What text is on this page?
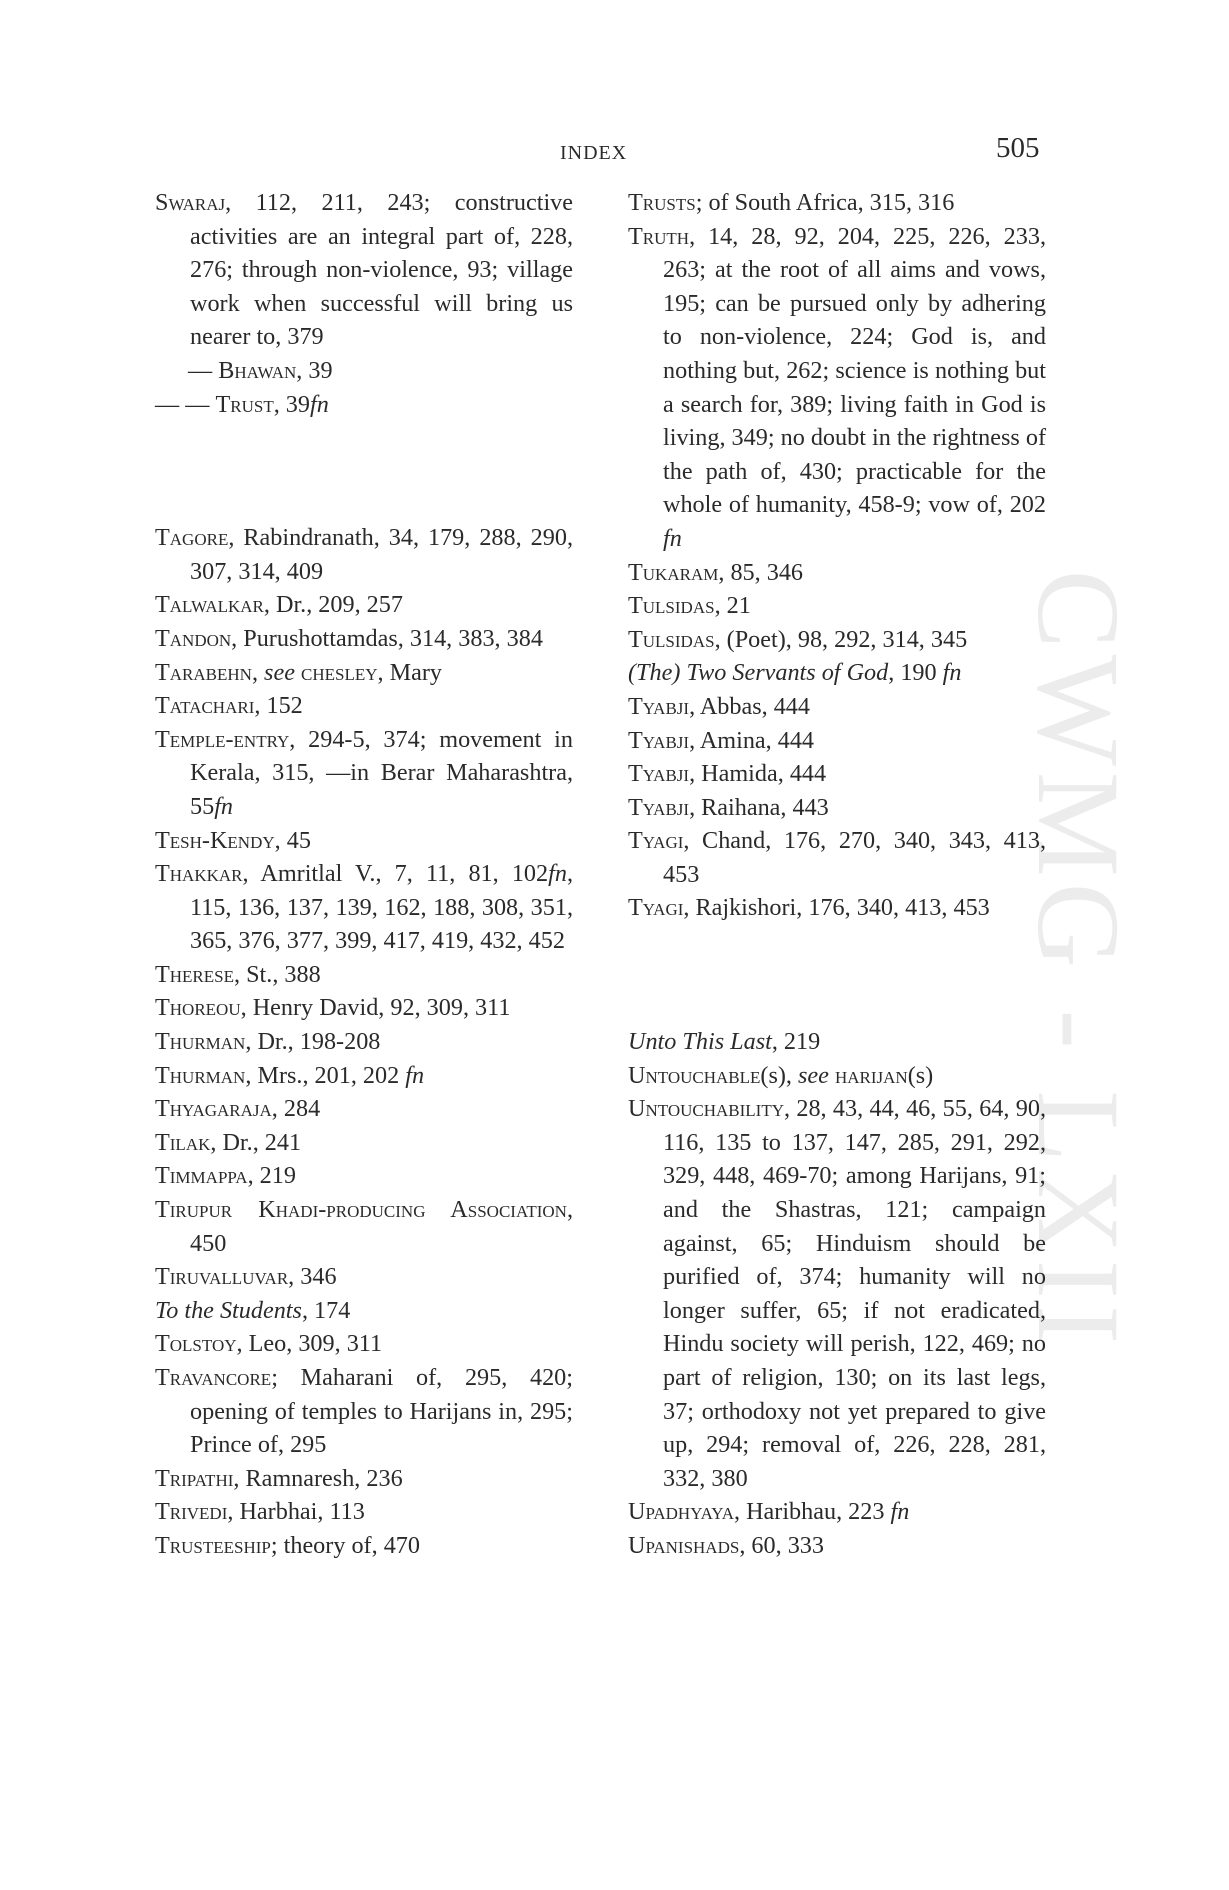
INDEX	505
CWMG - LXII
Swaraj, 112, 211, 243; constructive activities are an integral part of, 228, 276; through non-violence, 93; village work when successful will bring us nearer to, 379
— Bhawan, 39
— — Trust, 39fn
Tagore, Rabindranath, 34, 179, 288, 290, 307, 314, 409
Talwalkar, Dr., 209, 257
Tandon, Purushottamdas, 314, 383, 384
Tarabehn, see chesley, Mary
Tatachari, 152
Temple-entry, 294-5, 374; movement in Kerala, 315, —in Berar Maharashtra, 55fn
Tesh-Kendy, 45
Thakkar, Amritlal V., 7, 11, 81, 102fn, 115, 136, 137, 139, 162, 188, 308, 351, 365, 376, 377, 399, 417, 419, 432, 452
Therese, St., 388
Thoreou, Henry David, 92, 309, 311
Thurman, Dr., 198-208
Thurman, Mrs., 201, 202 fn
Thyagaraja, 284
Tilak, Dr., 241
Timmappa, 219
Tirupur Khadi-producing Association, 450
Tiruvalluvar, 346
To the Students, 174
Tolstoy, Leo, 309, 311
Travancore; Maharani of, 295, 420; opening of temples to Harijans in, 295; Prince of, 295
Tripathi, Ramnaresh, 236
Trivedi, Harbhai, 113
Trusteeship; theory of, 470
Trusts; of South Africa, 315, 316
Truth, 14, 28, 92, 204, 225, 226, 233, 263; at the root of all aims and vows, 195; can be pursued only by adhering to non-violence, 224; God is, and nothing but, 262; science is nothing but a search for, 389; living faith in God is living, 349; no doubt in the rightness of the path of, 430; practicable for the whole of humanity, 458-9; vow of, 202 fn
Tukaram, 85, 346
Tulsidas, 21
Tulsidas, (Poet), 98, 292, 314, 345
(The) Two Servants of God, 190 fn
Tyabji, Abbas, 444
Tyabji, Amina, 444
Tyabji, Hamida, 444
Tyabji, Raihana, 443
Tyagi, Chand, 176, 270, 340, 343, 413, 453
Tyagi, Rajkishori, 176, 340, 413, 453
Unto This Last, 219
Untouchable(s), see harijan(s)
Untouchability, 28, 43, 44, 46, 55, 64, 90, 116, 135 to 137, 147, 285, 291, 292, 329, 448, 469-70; among Harijans, 91; and the Shastras, 121; campaign against, 65; Hinduism should be purified of, 374; humanity will no longer suffer, 65; if not eradicated, Hindu society will perish, 122, 469; no part of religion, 130; on its last legs, 37; orthodoxy not yet prepared to give up, 294; removal of, 226, 228, 281, 332, 380
Upadhyaya, Haribhau, 223 fn
Upanishads, 60, 333
